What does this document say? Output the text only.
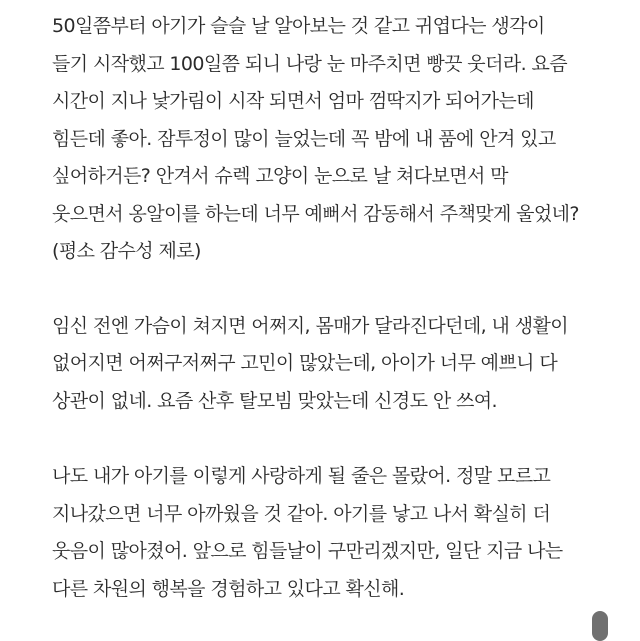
50일쯤부터 아기가 슬슬 날 알아보는 것 같고 귀엽다는 생각이
들기 시작했고 100일쯤 되니 나랑 눈 마주치면 빵끗 웃더라. 요즘
시간이 지나 낯가림이 시작 되면서 엄마 껌딱지가 되어가는데
힘든데 좋아. 잠투정이 많이 늘었는데 꼭 밤에 내 품에 안겨 있고
싶어하거든? 안겨서 슈렉 고양이 눈으로 날 쳐다보면서 막
웃으면서 옹알이를 하는데 너무 예뻐서 감동해서 주책맞게 울었네?
(평소 감수성 제로)
임신 전엔 가슴이 쳐지면 어쩌지, 몸매가 달라진다던데, 내 생활이
없어지면 어쩌구저쩌구 고민이 많았는데, 아이가 너무 예쁘니 다
상관이 없네. 요즘 산후 탈모빔 맞았는데 신경도 안 쓰여.
나도 내가 아기를 이렇게 사랑하게 될 줄은 몰랐어. 정말 모르고
지나갔으면 너무 아까웠을 것 같아. 아기를 낳고 나서 확실히 더
웃음이 많아졌어. 앞으로 힘들날이 구만리겠지만, 일단 지금 나는
다른 차원의 행복을 경험하고 있다고 확신해.
